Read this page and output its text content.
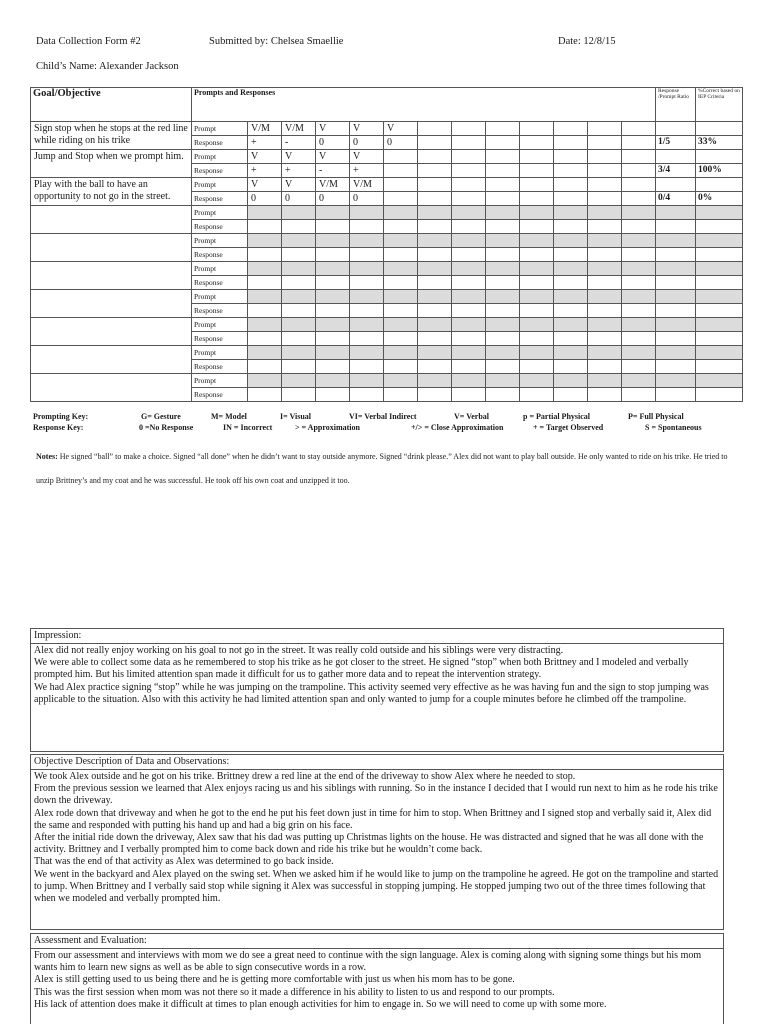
Data Collection Form #2	Submitted by: Chelsea Smaellie	Date: 12/8/15
Child’s Name: Alexander Jackson
Goal/Objective	Prompts and Responses													Response /Prompt Ratio	%Correct based on IEP Criteria
Sign stop when he stops at the red line while riding on his trike	Prompt	V/M	V/M	V	V	V									
	Response	+	-	0	0	0								1/5	33%
Jump and Stop when we prompt him.	Prompt	V	V	V	V										
	Response	+	+	-	+									3/4	100%
Play with the ball to have an opportunity to not go in the street.	Prompt	V	V	V/M	V/M										
	Response	0	0	0	0									0/4	0%
	Prompt														
	Response														
	Prompt														
	Response														
	Prompt														
	Response														
	Prompt														
	Response														
	Prompt														
	Response														
	Prompt														
	Response														
	Prompt														
	Response														
Prompting Key:	G= Gesture	M= Model	I= Visual	VI= Verbal Indirect	V= Verbal	p = Partial Physical	P= Full Physical
Response Key:	0 =No Response	IN = Incorrect	> = Approximation	+/> = Close Approximation	+ = Target Observed	S = Spontaneous
Notes: He signed “ball” to make a choice. Signed “all done” when he didn’t want to stay outside anymore. Signed “drink please.” Alex did not want to play ball outside. He only wanted to ride on his trike. He tried to unzip Brittney’s and my coat and he was successful. He took off his own coat and unzipped it too.
Impression:

Alex did not really enjoy working on his goal to not go in the street. It was really cold outside and his siblings were very distracting.

We were able to collect some data as he remembered to stop his trike as he got closer to the street. He signed “stop” when both Brittney and I modeled and verbally prompted him. But his limited attention span made it difficult for us to gather more data and to repeat the intervention strategy.

We had Alex practice signing “stop” while he was jumping on the trampoline. This activity seemed very effective as he was having fun and the sign to stop jumping was applicable to the situation. Also with this activity he had limited attention span and only wanted to jump for a couple minutes before he climbed off the trampoline.

Objective Description of Data and Observations:

We took Alex outside and he got on his trike. Brittney drew a red line at the end of the driveway to show Alex where he needed to stop.

From the previous session we learned that Alex enjoys racing us and his siblings with running. So in the instance I decided that I would run next to him as he rode his trike down the driveway.

Alex rode down that driveway and when he got to the end he put his feet down just in time for him to stop. When Brittney and I signed stop and verbally said it, Alex did the same and responded with putting his hand up and had a big grin on his face.

After the initial ride down the driveway, Alex saw that his dad was putting up Christmas lights on the house. He was distracted and signed that he was all done with the activity. Brittney and I verbally prompted him to come back down and ride his trike but he wouldn’t come back.

That was the end of that activity as Alex was determined to go back inside.

We went in the backyard and Alex played on the swing set. When we asked him if he would like to jump on the trampoline he agreed. He got on the trampoline and started to jump. When Brittney and I verbally said stop while signing it Alex was successful in stopping jumping. He stopped jumping two out of the three times following that when we modeled and verbally prompted him.

Assessment and Evaluation:

From our assessment and interviews with mom we do see a great need to continue with the sign language. Alex is coming along with signing some things but his mom wants him to learn new signs as well as be able to sign consecutive words in a row.

Alex is still getting used to us being there and he is getting more comfortable with just us when his mom has to be gone.

This was the first session when mom was not there so it made a difference in his ability to listen to us and respond to our prompts.

His lack of attention does make it difficult at times to plan enough activities for him to engage in. So we will need to come up with some more.
